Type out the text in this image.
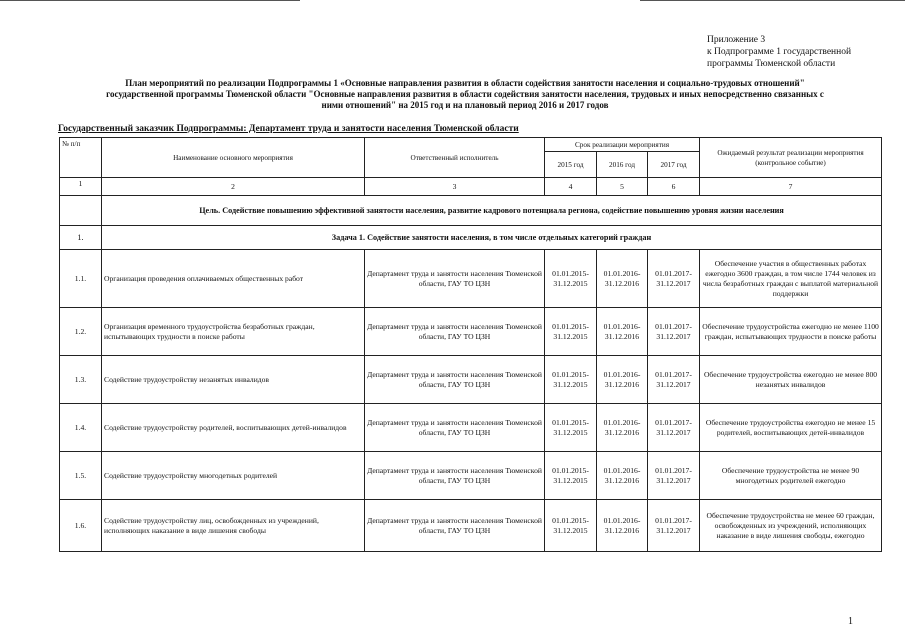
Приложение 3
к Подпрограмме 1 государственной
программы Тюменской области
План мероприятий по реализации Подпрограммы 1 «Основные направления развития в области содействия занятости населения и социально-трудовых отношений"
государственной программы Тюменской области "Основные направления развития в области содействия занятости населения, трудовых и иных непосредственно связанных с
ними отношений" на 2015 год и на плановый период 2016 и 2017 годов
Государственный заказчик Подпрограммы: Департамент труда и занятости населения Тюменской области
№ п/п	Наименование основного мероприятия	Ответственный исполнитель	Срок реализации мероприятия			Ожидаемый результат реализации мероприятия (контрольное событие)
			2015 год	2016 год	2017 год	
1	2	3	4	5	6	7
	Цель. Содействие повышению эффективной занятости населения, развитие кадрового потенциала региона, содействие повышению уровня жизни населения					
1.	Задача 1. Содействие занятости населения, в том числе отдельных категорий граждан					
1.1.	Организация проведения оплачиваемых общественных работ	Департамент труда и занятости населения Тюменской области, ГАУ ТО ЦЗН	01.01.2015- 31.12.2015	01.01.2016- 31.12.2016	01.01.2017- 31.12.2017	Обеспечение участия в общественных работах ежегодно 3600 граждан, в том числе 1744 человек из числа безработных граждан с выплатой материальной поддержки
1.2.	Организация временного трудоустройства безработных граждан, испытывающих трудности в поиске работы	Департамент труда и занятости населения Тюменской области, ГАУ ТО ЦЗН	01.01.2015- 31.12.2015	01.01.2016- 31.12.2016	01.01.2017- 31.12.2017	Обеспечение трудоустройства ежегодно не менее 1100 граждан, испытывающих трудности в поиске работы
1.3.	Содействие трудоустройству незанятых инвалидов	Департамент труда и занятости населения Тюменской области, ГАУ ТО ЦЗН	01.01.2015- 31.12.2015	01.01.2016- 31.12.2016	01.01.2017- 31.12.2017	Обеспечение трудоустройства ежегодно не менее 800 незанятых инвалидов
1.4.	Содействие трудоустройству родителей, воспитывающих детей-инвалидов	Департамент труда и занятости населения Тюменской области, ГАУ ТО ЦЗН	01.01.2015- 31.12.2015	01.01.2016- 31.12.2016	01.01.2017- 31.12.2017	Обеспечение трудоустройства ежегодно не менее 15 родителей, воспитывающих детей-инвалидов
1.5.	Содействие трудоустройству многодетных родителей	Департамент труда и занятости населения Тюменской области, ГАУ ТО ЦЗН	01.01.2015- 31.12.2015	01.01.2016- 31.12.2016	01.01.2017- 31.12.2017	Обеспечение трудоустройства не менее 90 многодетных родителей ежегодно
1.6.	Содействие трудоустройству лиц, освобожденных из учреждений, исполняющих наказание в виде лишения свободы	Департамент труда и занятости населения Тюменской области, ГАУ ТО ЦЗН	01.01.2015- 31.12.2015	01.01.2016- 31.12.2016	01.01.2017- 31.12.2017	Обеспечение трудоустройства не менее 60 граждан, освобожденных из учреждений, исполняющих наказание в виде лишения свободы, ежегодно
1
